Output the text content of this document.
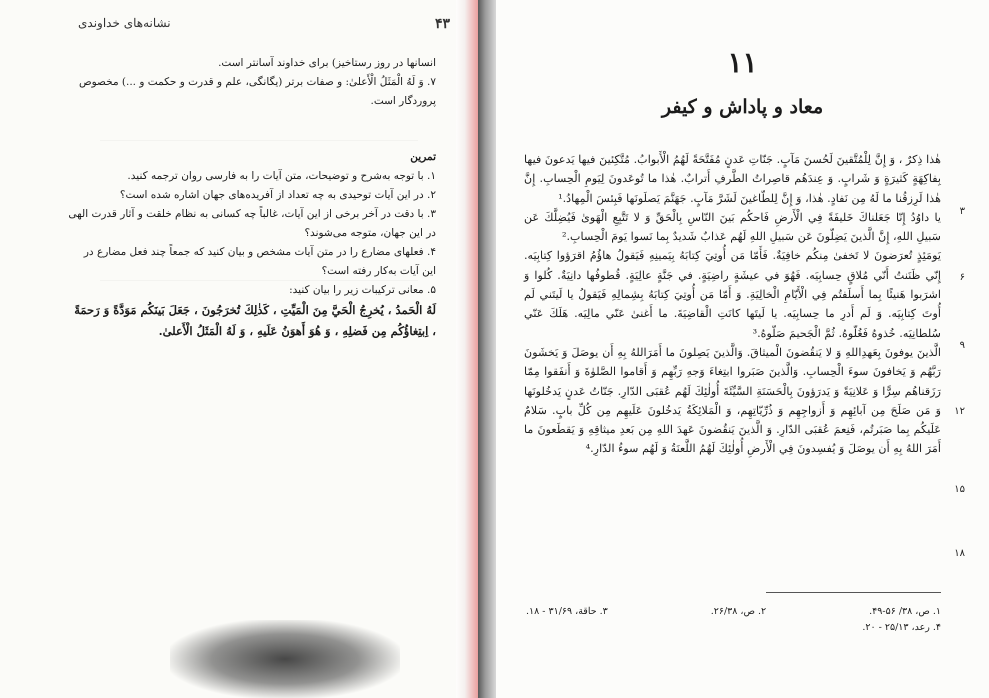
۴۳
نشانه‌های خداوندی

انسانها در روز رستاخیز) برای خداوند آسانتر است.

۷. وَ لَهُ الْمَثَلُ الْأَعلیٰ: و صفات برتر (یگانگی، علم و قدرت و حکمت و ...) مخصوص پروردگار است.

تمرین

۱. با توجه به‌شرح و توضیحات، متن آیات را به فارسی روان ترجمه کنید.

۲. در این آیات توحیدی به چه تعداد از آفریده‌های جهان اشاره شده است؟

۳. با دقت در آخر برخی از این آیات، غالباً چه کسانی به نظام خلقت و آثار قدرت الهی در این جهان، متوجه می‌شوند؟

۴. فعلهای مضارع را در متن آیات مشخص و بیان کنید که جمعاً چند فعل مضارع در این آیات به‌کار رفته است؟

۵. معانی ترکیبات زیر را بیان کنید:

لَهُ الْحَمدُ ، يُخرِجُ الْحَيَّ مِنَ الْمَيِّتِ ، كَذٰلِكَ تُخرَجُونَ ، جَعَلَ بَينَكُم مَوَدَّةً وَ رَحمَةً ، اِبتِغاؤُكُم مِن فَضلِهِ ، وَ هُوَ أَهوَنُ عَلَيهِ ، وَ لَهُ الْمَثَلُ الْأَعلیٰ.

۱۱
معاد و پاداش و کیفر

هٰذا ذِكرٌ ، وَ إِنَّ لِلْمُتَّقينَ لَحُسنَ مَآبٍ. جَنّاتِ عَدنٍ مُفَتَّحَةً لَهُمُ الْأَبوابُ. مُتَّكِئينَ فيها يَدعونَ فيها بِفاكِهَةٍ كَثيرَةٍ وَ شَرابٍ. وَ عِندَهُم قاصِراتُ الطَّرفِ أَترابٌ. هٰذا ما تُوعَدونَ لِيَومِ الْحِسابِ. إِنَّ هٰذا لَرِزقُنا ما لَهُ مِن نَفادٍ. هٰذا، وَ إِنَّ لِلطّاغينَ لَشَرَّ مَآبٍ. جَهَنَّمَ يَصلَونَها فَبِئسَ الْمِهادُ.¹

يا داوُدُ إِنّا جَعَلناكَ خَليفَةً فِي الْأَرضِ فَاحكُم بَينَ النّاسِ بِالْحَقِّ وَ لا تَتَّبِعِ الْهَویٰ فَيُضِلَّكَ عَن سَبيلِ اللهِ، إِنَّ الَّذينَ يَضِلّونَ عَن سَبيلِ اللهِ لَهُم عَذابٌ شَديدٌ بِما نَسوا يَومَ الْحِسابِ.²

يَومَئِذٍ تُعرَضونَ لا تَخفیٰ مِنكُم خافِيَةٌ. فَأَمّا مَن أُوتِيَ كِتابَهُ بِيَمينِهِ فَيَقولُ هاؤُمُ اقرَؤوا كِتابِيَه. إِنّي ظَنَنتُ أَنّي مُلاقٍ حِسابِيَه. فَهُوَ في عيشَةٍ راضِيَةٍ. في جَنَّةٍ عالِيَةٍ. قُطوفُها دانِيَةٌ. كُلوا وَ اشرَبوا هَنيئًا بِما أَسلَفتُم فِي الْأَيّامِ الْخالِيَةِ. وَ أَمّا مَن أُوتِيَ كِتابَهُ بِشِمالِهِ فَيَقولُ يا لَيتَني لَم أُوتَ كِتابِيَه. وَ لَم أَدرِ ما حِسابِيَه. يا لَيتَها كانَتِ الْقاضِيَةَ. ما أَغنیٰ عَنّي مالِيَه. هَلَكَ عَنّي سُلطانِيَه. خُذوهُ فَغُلّوهُ. ثُمَّ الْجَحيمَ صَلّوهُ.³

الَّذينَ يوفونَ بِعَهدِاللهِ وَ لا يَنقُضونَ الْميثاقَ. وَالَّذينَ يَصِلونَ ما أَمَرَاللهُ بِهِ أَن يوصَلَ وَ يَخشَونَ رَبَّهُم وَ يَخافونَ سوءَ الْحِسابِ. وَالَّذينَ صَبَروا ابتِغاءَ وَجهِ رَبِّهِم وَ أَقاموا الصَّلوٰةَ وَ أَنفَقوا مِمّا رَزَقناهُم سِرًّا وَ عَلانِيَةً وَ يَدرَؤونَ بِالْحَسَنَةِ السَّيِّئَةَ أُولٰئِكَ لَهُم عُقبَى الدّارِ. جَنّاتُ عَدنٍ يَدخُلونَها وَ مَن صَلَحَ مِن آبائِهِم وَ أَزواجِهِم وَ ذُرِّيّاتِهِم، وَ الْمَلائِكَةُ يَدخُلونَ عَلَيهِم مِن كُلِّ بابٍ. سَلامٌ عَلَيكُم بِما صَبَرتُم، فَنِعمَ عُقبَى الدّارِ. وَ الَّذينَ يَنقُضونَ عَهدَ اللهِ مِن بَعدِ ميثاقِهِ وَ يَقطَعونَ ما أَمَرَ اللهُ بِهِ أَن يوصَلَ وَ يُفسِدونَ فِي الْأَرضِ أُولٰئِكَ لَهُمُ اللَّعنَةُ وَ لَهُم سوءُ الدّارِ.⁴

۳
۶
۹
۱۲
۱۵
۱۸
۱. ص، ۳۸/ ۵۶-۴۹.
۲. ص، ۲۶/۳۸.
۳. حاقة، ۳۱/۶۹ - ۱۸.
۴. رعد، ۲۵/۱۳ - ۲۰.
